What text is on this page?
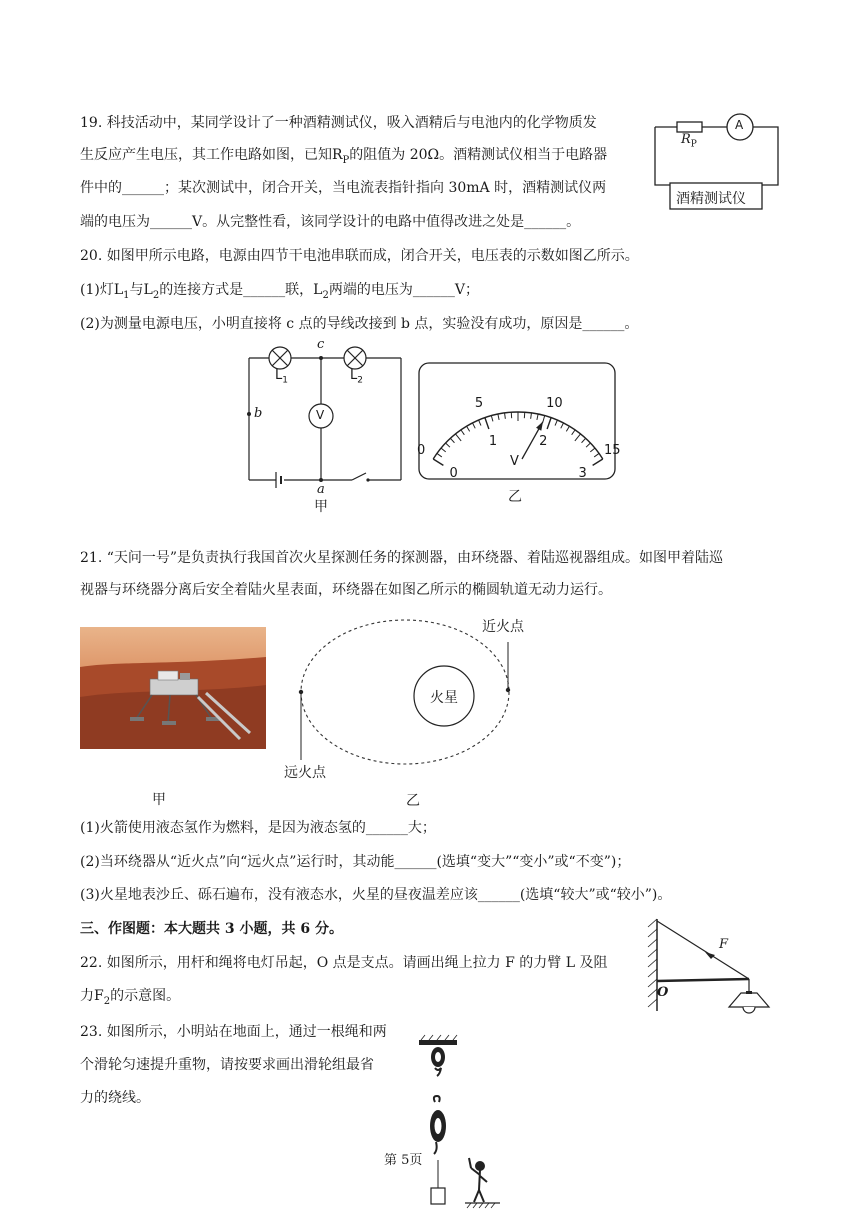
19. 科技活动中，某同学设计了一种酒精测试仪，吸入酒精后与电池内的化学物质发
生反应产生电压，其工作电路如图，已知$R_P$的阻值为 20Ω。酒精测试仪相当于电路器
件中的______；某次测试中，闭合开关，当电流表指针指向 30mA 时，酒精测试仪两
端的电压为______V。从完整性看，该同学设计的电路中值得改进之处是______。
$R_P$
A
酒精测试仪
20. 如图甲所示电路，电源由四节干电池串联而成，闭合开关，电压表的示数如图乙所示。
(1)灯$L_1$与$L_2$的连接方式是______联，$L_2$两端的电压为______V；
(2)为测量电源电压，小明直接将 c 点的导线改接到 b 点，实验没有成功，原因是______。
$L_1$	$L_2$
c
b
a
V
甲
0
5	10
15
0
1	2
3
V
乙
21. “天问一号”是负责执行我国首次火星探测任务的探测器，由环绕器、着陆巡视器组成。如图甲着陆巡
视器与环绕器分离后安全着陆火星表面，环绕器在如图乙所示的椭圆轨道无动力运行。
甲
近火点
远火点
火星
乙
(1)火箭使用液态氢作为燃料，是因为液态氢的______大；
(2)当环绕器从“近火点”向“远火点”运行时，其动能______(选填“变大”“变小”或“不变”)；
(3)火星地表沙丘、砾石遍布，没有液态水，火星的昼夜温差应该______(选填“较大”或“较小”)。
三、作图题：本大题共 3 小题，共 6 分。
22. 如图所示，用杆和绳将电灯吊起，O 点是支点。请画出绳上拉力 F 的力臂 L 及阻
力$F_2$的示意图。
F
O
23. 如图所示，小明站在地面上，通过一根绳和两
个滑轮匀速提升重物，请按要求画出滑轮组最省
力的绕线。
第 5页
